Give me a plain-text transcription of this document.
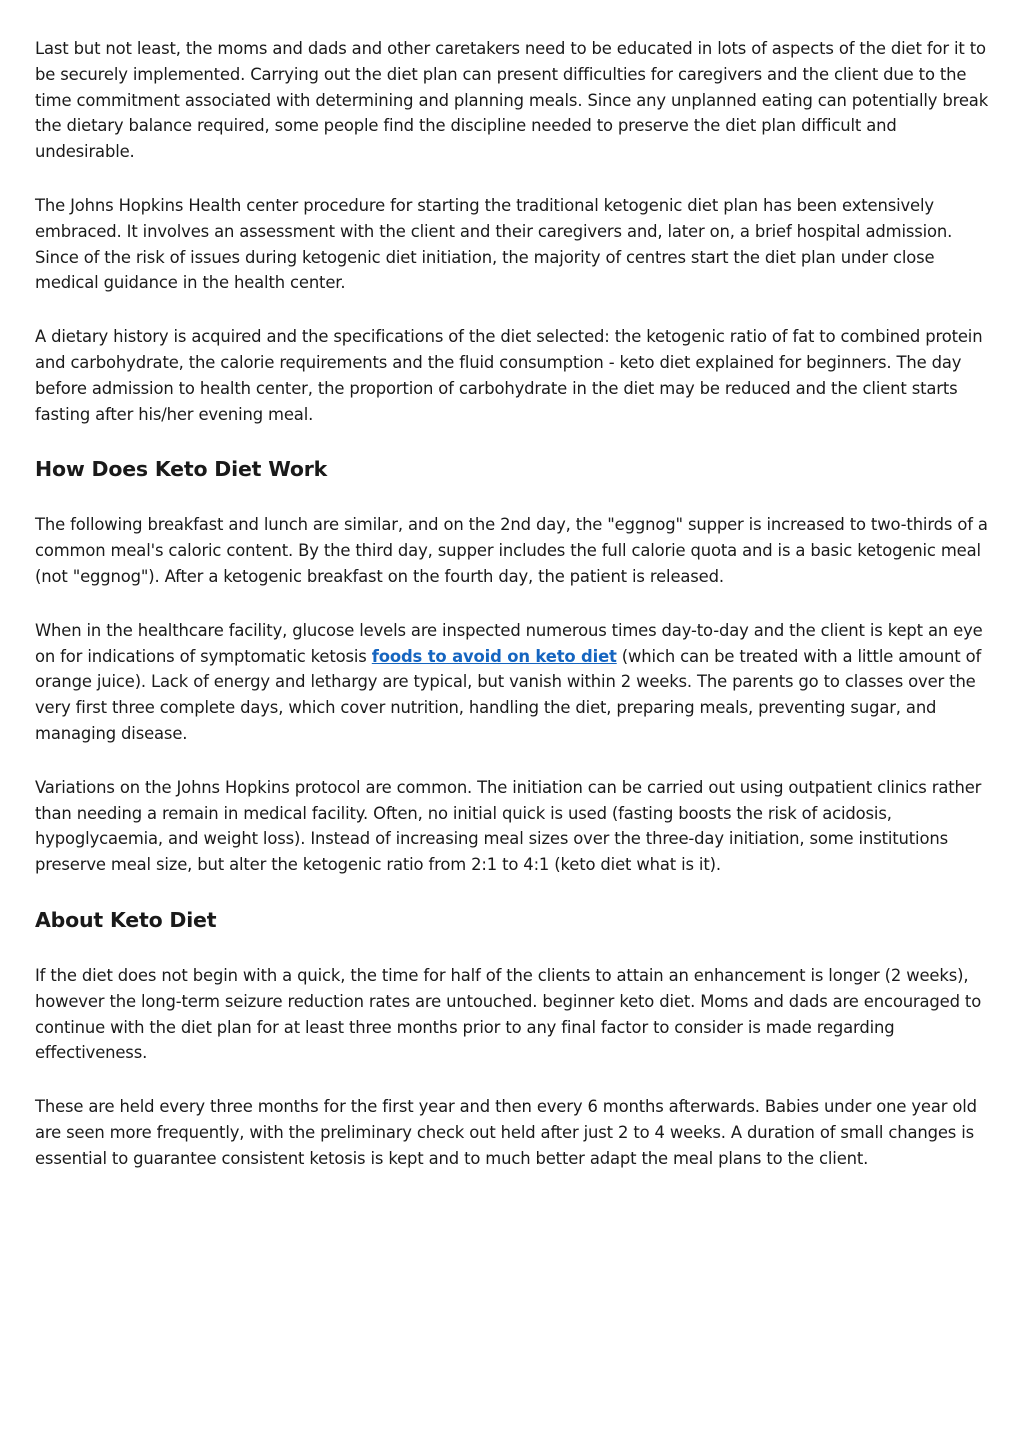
Last but not least, the moms and dads and other caretakers need to be educated in lots of aspects of the diet for it to be securely implemented. Carrying out the diet plan can present difficulties for caregivers and the client due to the time commitment associated with determining and planning meals. Since any unplanned eating can potentially break the dietary balance required, some people find the discipline needed to preserve the diet plan difficult and undesirable.

The Johns Hopkins Health center procedure for starting the traditional ketogenic diet plan has been extensively embraced. It involves an assessment with the client and their caregivers and, later on, a brief hospital admission. Since of the risk of issues during ketogenic diet initiation, the majority of centres start the diet plan under close medical guidance in the health center.

A dietary history is acquired and the specifications of the diet selected: the ketogenic ratio of fat to combined protein and carbohydrate, the calorie requirements and the fluid consumption - keto diet explained for beginners. The day before admission to health center, the proportion of carbohydrate in the diet may be reduced and the client starts fasting after his/her evening meal.

How Does Keto Diet Work

The following breakfast and lunch are similar, and on the 2nd day, the "eggnog" supper is increased to two-thirds of a common meal's caloric content. By the third day, supper includes the full calorie quota and is a basic ketogenic meal (not "eggnog"). After a ketogenic breakfast on the fourth day, the patient is released.

When in the healthcare facility, glucose levels are inspected numerous times day-to-day and the client is kept an eye on for indications of symptomatic ketosis foods to avoid on keto diet (which can be treated with a little amount of orange juice). Lack of energy and lethargy are typical, but vanish within 2 weeks. The parents go to classes over the very first three complete days, which cover nutrition, handling the diet, preparing meals, preventing sugar, and managing disease.

Variations on the Johns Hopkins protocol are common. The initiation can be carried out using outpatient clinics rather than needing a remain in medical facility. Often, no initial quick is used (fasting boosts the risk of acidosis, hypoglycaemia, and weight loss). Instead of increasing meal sizes over the three-day initiation, some institutions preserve meal size, but alter the ketogenic ratio from 2:1 to 4:1 (keto diet what is it).

About Keto Diet

If the diet does not begin with a quick, the time for half of the clients to attain an enhancement is longer (2 weeks), however the long-term seizure reduction rates are untouched. beginner keto diet. Moms and dads are encouraged to continue with the diet plan for at least three months prior to any final factor to consider is made regarding effectiveness.

These are held every three months for the first year and then every 6 months afterwards. Babies under one year old are seen more frequently, with the preliminary check out held after just 2 to 4 weeks. A duration of small changes is essential to guarantee consistent ketosis is kept and to much better adapt the meal plans to the client.
